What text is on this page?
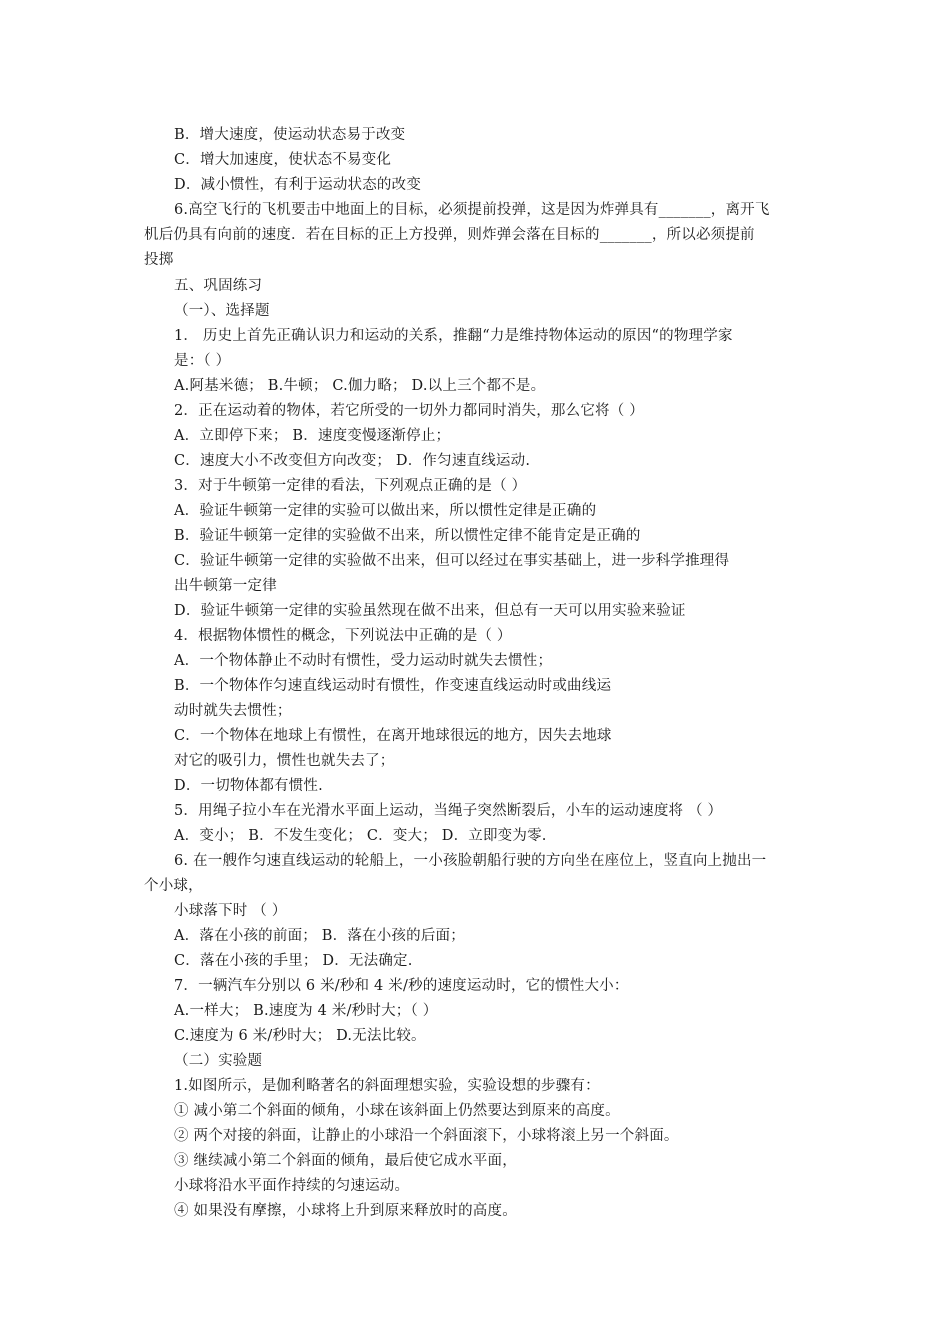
B．增大速度，使运动状态易于改变
C．增大加速度，使状态不易变化
D．减小惯性，有利于运动状态的改变
6.高空飞行的飞机要击中地面上的目标，必须提前投弹，这是因为炸弹具有_______，离开飞
机后仍具有向前的速度．若在目标的正上方投弹，则炸弹会落在目标的_______，所以必须提前
投掷
五、巩固练习
（一）、选择题
1． 历史上首先正确认识力和运动的关系，推翻“力是维持物体运动的原因“的物理学家
是：（ ）
A.阿基米德； B.牛顿； C.伽力略； D.以上三个都不是。
2．正在运动着的物体，若它所受的一切外力都同时消失，那么它将（ ）
A．立即停下来； B．速度变慢逐渐停止；
C．速度大小不改变但方向改变； D．作匀速直线运动.
3．对于牛顿第一定律的看法，下列观点正确的是（ ）
A．验证牛顿第一定律的实验可以做出来，所以惯性定律是正确的
B．验证牛顿第一定律的实验做不出来，所以惯性定律不能肯定是正确的
C．验证牛顿第一定律的实验做不出来，但可以经过在事实基础上，进一步科学推理得
出牛顿第一定律
D．验证牛顿第一定律的实验虽然现在做不出来，但总有一天可以用实验来验证
4．根据物体惯性的概念，下列说法中正确的是（ ）
A．一个物体静止不动时有惯性，受力运动时就失去惯性；
B．一个物体作匀速直线运动时有惯性，作变速直线运动时或曲线运
动时就失去惯性；
C．一个物体在地球上有惯性，在离开地球很远的地方，因失去地球
对它的吸引力，惯性也就失去了；
D．一切物体都有惯性.
5．用绳子拉小车在光滑水平面上运动，当绳子突然断裂后，小车的运动速度将 （ ）
A．变小； B．不发生变化； C．变大； D．立即变为零.
6. 在一艘作匀速直线运动的轮船上，一小孩脸朝船行驶的方向坐在座位上，竖直向上抛出一
个小球，
小球落下时 （ ）
A．落在小孩的前面； B．落在小孩的后面；
C．落在小孩的手里； D．无法确定.
7．一辆汽车分别以 6 米/秒和 4 米/秒的速度运动时，它的惯性大小：
A.一样大； B.速度为 4 米/秒时大；（ ）
C.速度为 6 米/秒时大； D.无法比较。
（二）实验题
1.如图所示，是伽利略著名的斜面理想实验，实验设想的步骤有：
① 减小第二个斜面的倾角，小球在该斜面上仍然要达到原来的高度。
② 两个对接的斜面，让静止的小球沿一个斜面滚下，小球将滚上另一个斜面。
③ 继续减小第二个斜面的倾角，最后使它成水平面，
小球将沿水平面作持续的匀速运动。
④ 如果没有摩擦，小球将上升到原来释放时的高度。
